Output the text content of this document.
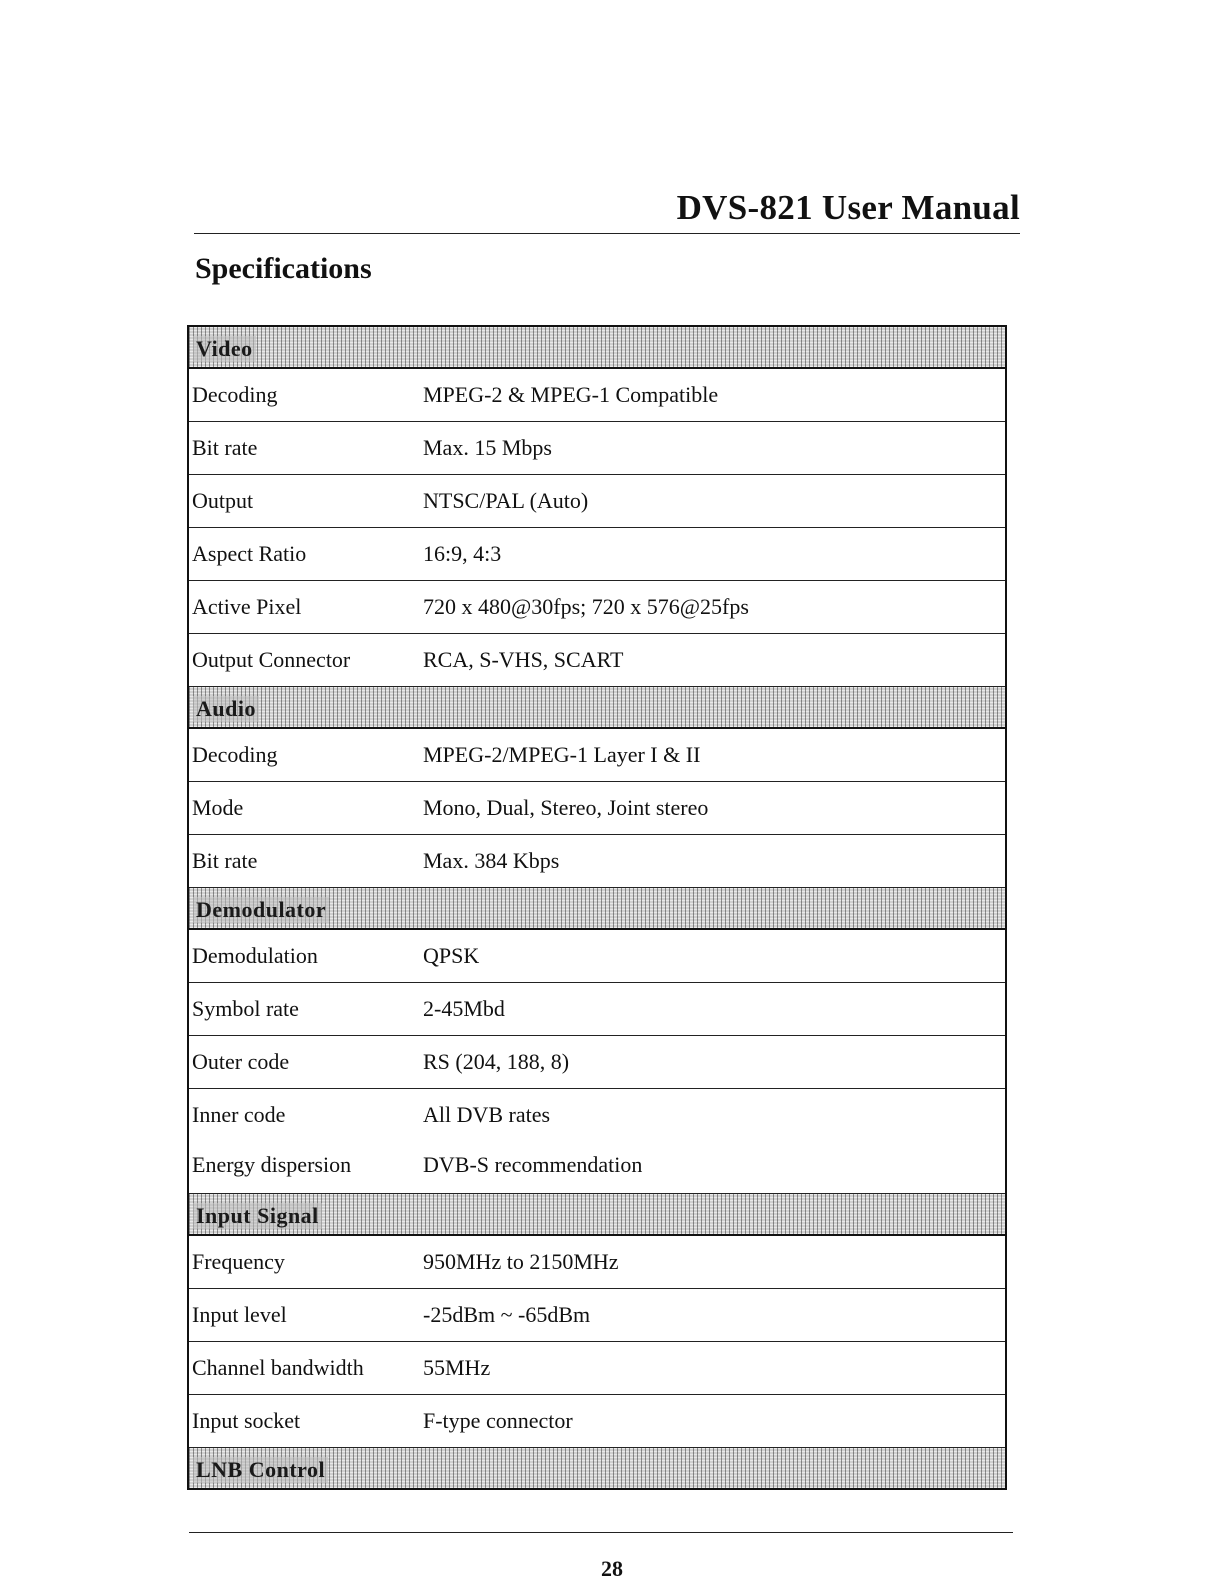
DVS-821 User Manual
Specifications
Video
Decoding	MPEG-2 & MPEG-1 Compatible
Bit rate	Max. 15 Mbps
Output	NTSC/PAL (Auto)
Aspect Ratio	16:9, 4:3
Active Pixel	720 x 480@30fps; 720 x 576@25fps
Output Connector	RCA, S-VHS, SCART
Audio
Decoding	MPEG-2/MPEG-1 Layer I & II
Mode	Mono, Dual, Stereo, Joint stereo
Bit rate	Max. 384 Kbps
Demodulator
Demodulation	QPSK
Symbol rate	2-45Mbd
Outer code	RS (204, 188, 8)
Inner code	All DVB rates
Energy dispersion	DVB-S recommendation
Input Signal
Frequency	950MHz to 2150MHz
Input level	-25dBm ~ -65dBm
Channel bandwidth	55MHz
Input socket	F-type connector
LNB Control
28
